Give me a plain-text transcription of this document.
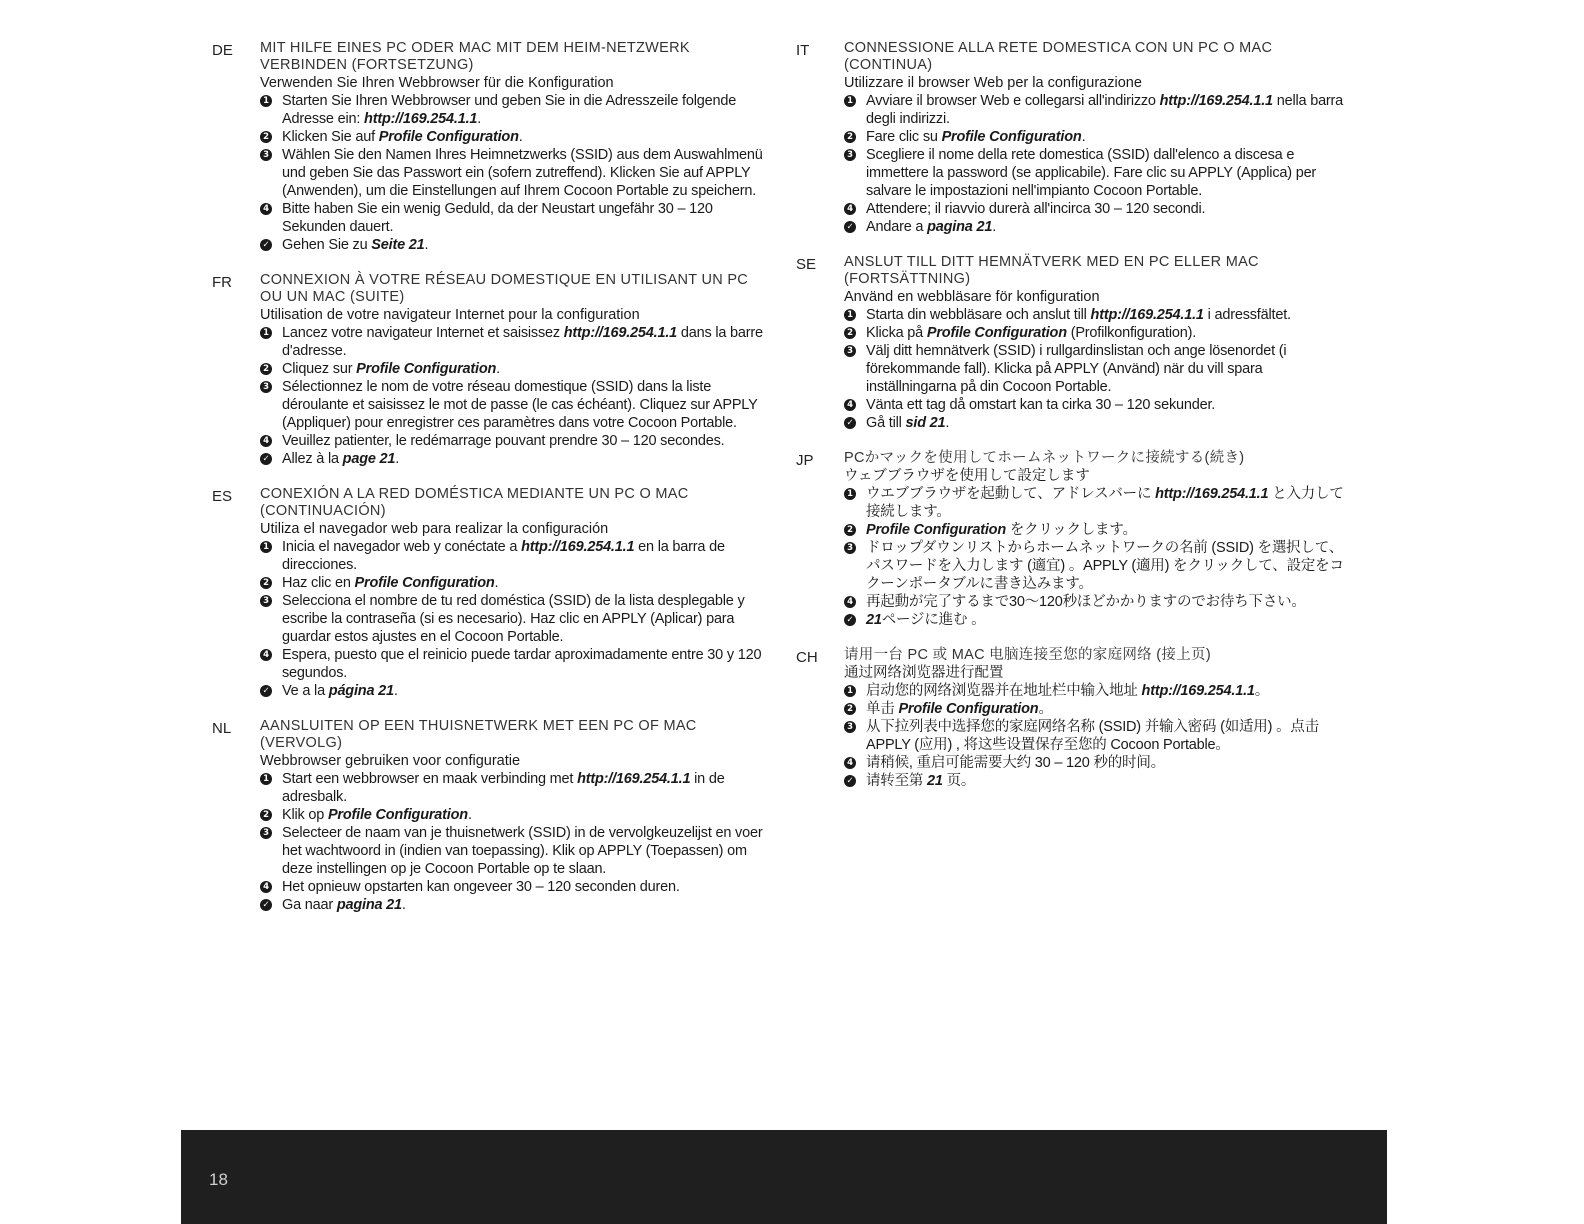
DE MIT HILFE EINES PC ODER MAC MIT DEM HEIM-NETZWERK VERBINDEN (FORTSETZUNG)
Verwenden Sie Ihren Webbrowser für die Konfiguration
1 Starten Sie Ihren Webbrowser und geben Sie in die Adresszeile folgende Adresse ein: http://169.254.1.1.
2 Klicken Sie auf Profile Configuration.
3 Wählen Sie den Namen Ihres Heimnetzwerks (SSID) aus dem Auswahlmenü und geben Sie das Passwort ein (sofern zutreffend). Klicken Sie auf APPLY (Anwenden), um die Einstellungen auf Ihrem Cocoon Portable zu speichern.
4 Bitte haben Sie ein wenig Geduld, da der Neustart ungefähr 30 – 120 Sekunden dauert.
✓ Gehen Sie zu Seite 21.
FR CONNEXION À VOTRE RÉSEAU DOMESTIQUE EN UTILISANT UN PC OU UN MAC (SUITE)
Utilisation de votre navigateur Internet pour la configuration
1 Lancez votre navigateur Internet et saisissez http://169.254.1.1 dans la barre d'adresse.
2 Cliquez sur Profile Configuration.
3 Sélectionnez le nom de votre réseau domestique (SSID) dans la liste déroulante et saisissez le mot de passe (le cas échéant). Cliquez sur APPLY (Appliquer) pour enregistrer ces paramètres dans votre Cocoon Portable.
4 Veuillez patienter, le redémarrage pouvant prendre 30 – 120 secondes.
✓ Allez à la page 21.
ES CONEXIÓN A LA RED DOMÉSTICA MEDIANTE UN PC O MAC (CONTINUACIÓN)
Utiliza el navegador web para realizar la configuración
1 Inicia el navegador web y conéctate a http://169.254.1.1 en la barra de direcciones.
2 Haz clic en Profile Configuration.
3 Selecciona el nombre de tu red doméstica (SSID) de la lista desplegable y escribe la contraseña (si es necesario). Haz clic en APPLY (Aplicar) para guardar estos ajustes en el Cocoon Portable.
4 Espera, puesto que el reinicio puede tardar aproximadamente entre 30 y 120 segundos.
✓ Ve a la página 21.
NL AANSLUITEN OP EEN THUISNETWERK MET EEN PC OF MAC (VERVOLG)
Webbrowser gebruiken voor configuratie
1 Start een webbrowser en maak verbinding met http://169.254.1.1 in de adresbalk.
2 Klik op Profile Configuration.
3 Selecteer de naam van je thuisnetwerk (SSID) in de vervolgkeuzelijst en voer het wachtwoord in (indien van toepassing). Klik op APPLY (Toepassen) om deze instellingen op je Cocoon Portable op te slaan.
4 Het opnieuw opstarten kan ongeveer 30 – 120 seconden duren.
✓ Ga naar pagina 21.
IT CONNESSIONE ALLA RETE DOMESTICA CON UN PC O MAC (CONTINUA)
Utilizzare il browser Web per la configurazione
1 Avviare il browser Web e collegarsi all'indirizzo http://169.254.1.1 nella barra degli indirizzi.
2 Fare clic su Profile Configuration.
3 Scegliere il nome della rete domestica (SSID) dall'elenco a discesa e immettere la password (se applicabile). Fare clic su APPLY (Applica) per salvare le impostazioni nell'impianto Cocoon Portable.
4 Attendere; il riavvio durerà all'incirca 30 – 120 secondi.
✓ Andare a pagina 21.
SE ANSLUT TILL DITT HEMNÄTVERK MED EN PC ELLER MAC (FORTSÄTTNING)
Använd en webbläsare för konfiguration
1 Starta din webbläsare och anslut till http://169.254.1.1 i adressfältet.
2 Klicka på Profile Configuration (Profilkonfiguration).
3 Välj ditt hemnätverk (SSID) i rullgardinslistan och ange lösenordet (i förekommande fall). Klicka på APPLY (Använd) när du vill spara inställningarna på din Cocoon Portable.
4 Vänta ett tag då omstart kan ta cirka 30 – 120 sekunder.
✓ Gå till sid 21.
JP PCかマックを使用してホームネットワークに接続する(続き)
ウェブブラウザを使用して設定します
1 ウエブブラウザを起動して、アドレスバーに http://169.254.1.1 と入力して接続します。
2 Profile Configuration をクリックします。
3 ドロップダウンリストからホームネットワークの名前 (SSID) を選択して、パスワードを入力します (適宜) 。APPLY (適用) をクリックして、設定をコクーンポータブルに書き込みます。
4 再起動が完了するまで30～120秒ほどかかりますのでお待ち下さい。
✓ 21ページに進む 。
CH 请用一台 PC 或 MAC 电脑连接至您的家庭网络 (接上页)
通过网络浏览器进行配置
1 启动您的网络浏览器并在地址栏中输入地址 http://169.254.1.1。
2 单击 Profile Configuration。
3 从下拉列表中选择您的家庭网络名称 (SSID) 并输入密码 (如适用) 。点击 APPLY (应用) , 将这些设置保存至您的 Cocoon Portable。
4 请稍候, 重启可能需要大约 30 – 120 秒的时间。
✓ 请转至第 21 页。
18
